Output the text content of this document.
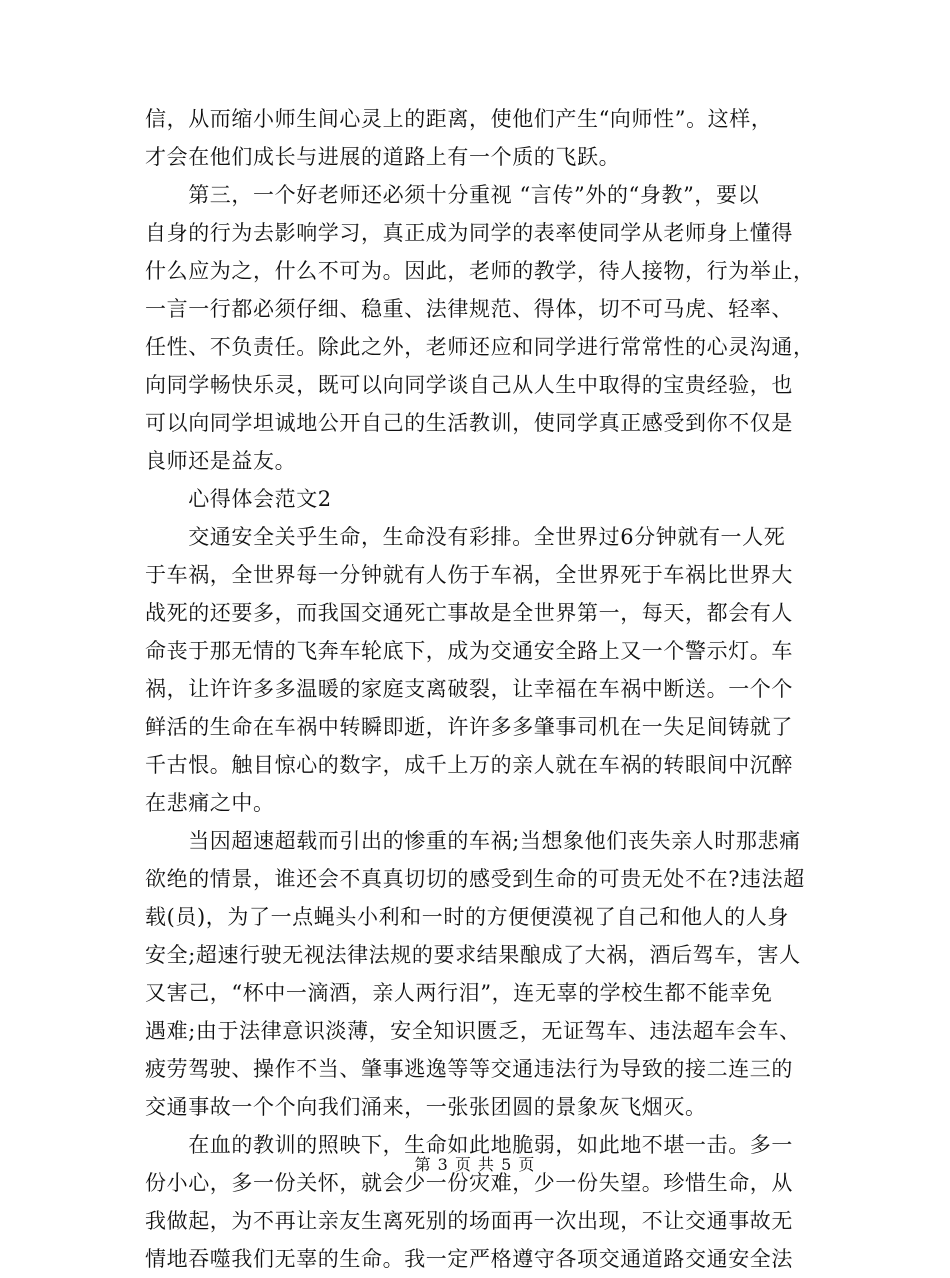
信，从而缩小师生间心灵上的距离，使他们产生“向师性”。这样，
才会在他们成长与进展的道路上有一个质的飞跃。
　　第三，一个好老师还必须十分重视 “言传”外的“身教”，要以
自身的行为去影响学习，真正成为同学的表率使同学从老师身上懂得
什么应为之，什么不可为。因此，老师的教学，待人接物，行为举止，
一言一行都必须仔细、稳重、法律规范、得体，切不可马虎、轻率、
任性、不负责任。除此之外，老师还应和同学进行常常性的心灵沟通，
向同学畅快乐灵，既可以向同学谈自己从人生中取得的宝贵经验，也
可以向同学坦诚地公开自己的生活教训，使同学真正感受到你不仅是
良师还是益友。
　　心得体会范文2
　　交通安全关乎生命，生命没有彩排。全世界过6分钟就有一人死
于车祸，全世界每一分钟就有人伤于车祸，全世界死于车祸比世界大
战死的还要多，而我国交通死亡事故是全世界第一，每天，都会有人
命丧于那无情的飞奔车轮底下，成为交通安全路上又一个警示灯。车
祸，让许许多多温暖的家庭支离破裂，让幸福在车祸中断送。一个个
鲜活的生命在车祸中转瞬即逝，许许多多肇事司机在一失足间铸就了
千古恨。触目惊心的数字，成千上万的亲人就在车祸的转眼间中沉醉
在悲痛之中。
　　当因超速超载而引出的惨重的车祸;当想象他们丧失亲人时那悲痛
欲绝的情景，谁还会不真真切切的感受到生命的可贵无处不在?违法超
载(员)，为了一点蝇头小利和一时的方便便漠视了自己和他人的人身
安全;超速行驶无视法律法规的要求结果酿成了大祸，酒后驾车，害人
又害己，“杯中一滴酒，亲人两行泪”，连无辜的学校生都不能幸免
遇难;由于法律意识淡薄，安全知识匮乏，无证驾车、违法超车会车、
疲劳驾驶、操作不当、肇事逃逸等等交通违法行为导致的接二连三的
交通事故一个个向我们涌来，一张张团圆的景象灰飞烟灭。
　　在血的教训的照映下，生命如此地脆弱，如此地不堪一击。多一
份小心，多一份关怀，就会少一份灾难，少一份失望。珍惜生命，从
我做起，为不再让亲友生离死别的场面再一次出现，不让交通事故无
情地吞噬我们无辜的生命。我一定严格遵守各项交通道路交通安全法
第 3 页 共 5 页
